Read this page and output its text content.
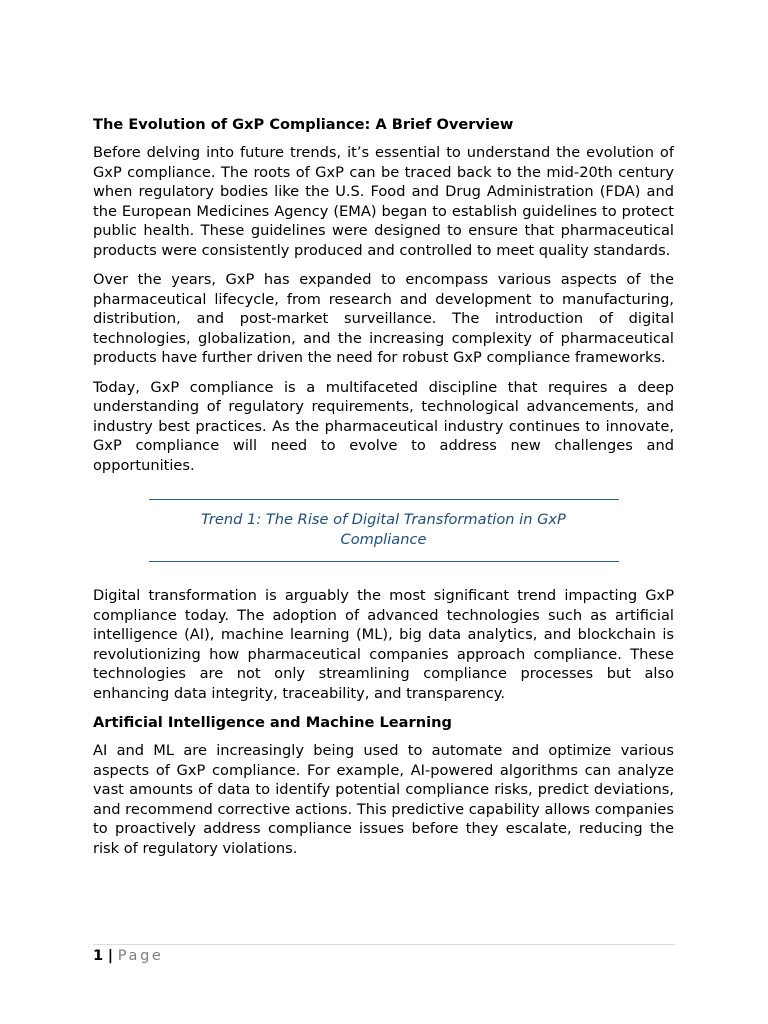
The Evolution of GxP Compliance: A Brief Overview

Before delving into future trends, it’s essential to understand the evolution of GxP compliance. The roots of GxP can be traced back to the mid-20th century when regulatory bodies like the U.S. Food and Drug Administration (FDA) and the European Medicines Agency (EMA) began to establish guidelines to protect public health. These guidelines were designed to ensure that pharmaceutical products were consistently produced and controlled to meet quality standards.

Over the years, GxP has expanded to encompass various aspects of the pharmaceutical lifecycle, from research and development to manufacturing, distribution, and post-market surveillance. The introduction of digital technologies, globalization, and the increasing complexity of pharmaceutical products have further driven the need for robust GxP compliance frameworks.

Today, GxP compliance is a multifaceted discipline that requires a deep understanding of regulatory requirements, technological advancements, and industry best practices. As the pharmaceutical industry continues to innovate, GxP compliance will need to evolve to address new challenges and opportunities.

Trend 1: The Rise of Digital Transformation in GxP Compliance

Digital transformation is arguably the most significant trend impacting GxP compliance today. The adoption of advanced technologies such as artificial intelligence (AI), machine learning (ML), big data analytics, and blockchain is revolutionizing how pharmaceutical companies approach compliance. These technologies are not only streamlining compliance processes but also enhancing data integrity, traceability, and transparency.

Artificial Intelligence and Machine Learning

AI and ML are increasingly being used to automate and optimize various aspects of GxP compliance. For example, AI-powered algorithms can analyze vast amounts of data to identify potential compliance risks, predict deviations, and recommend corrective actions. This predictive capability allows companies to proactively address compliance issues before they escalate, reducing the risk of regulatory violations.

1 | Page
